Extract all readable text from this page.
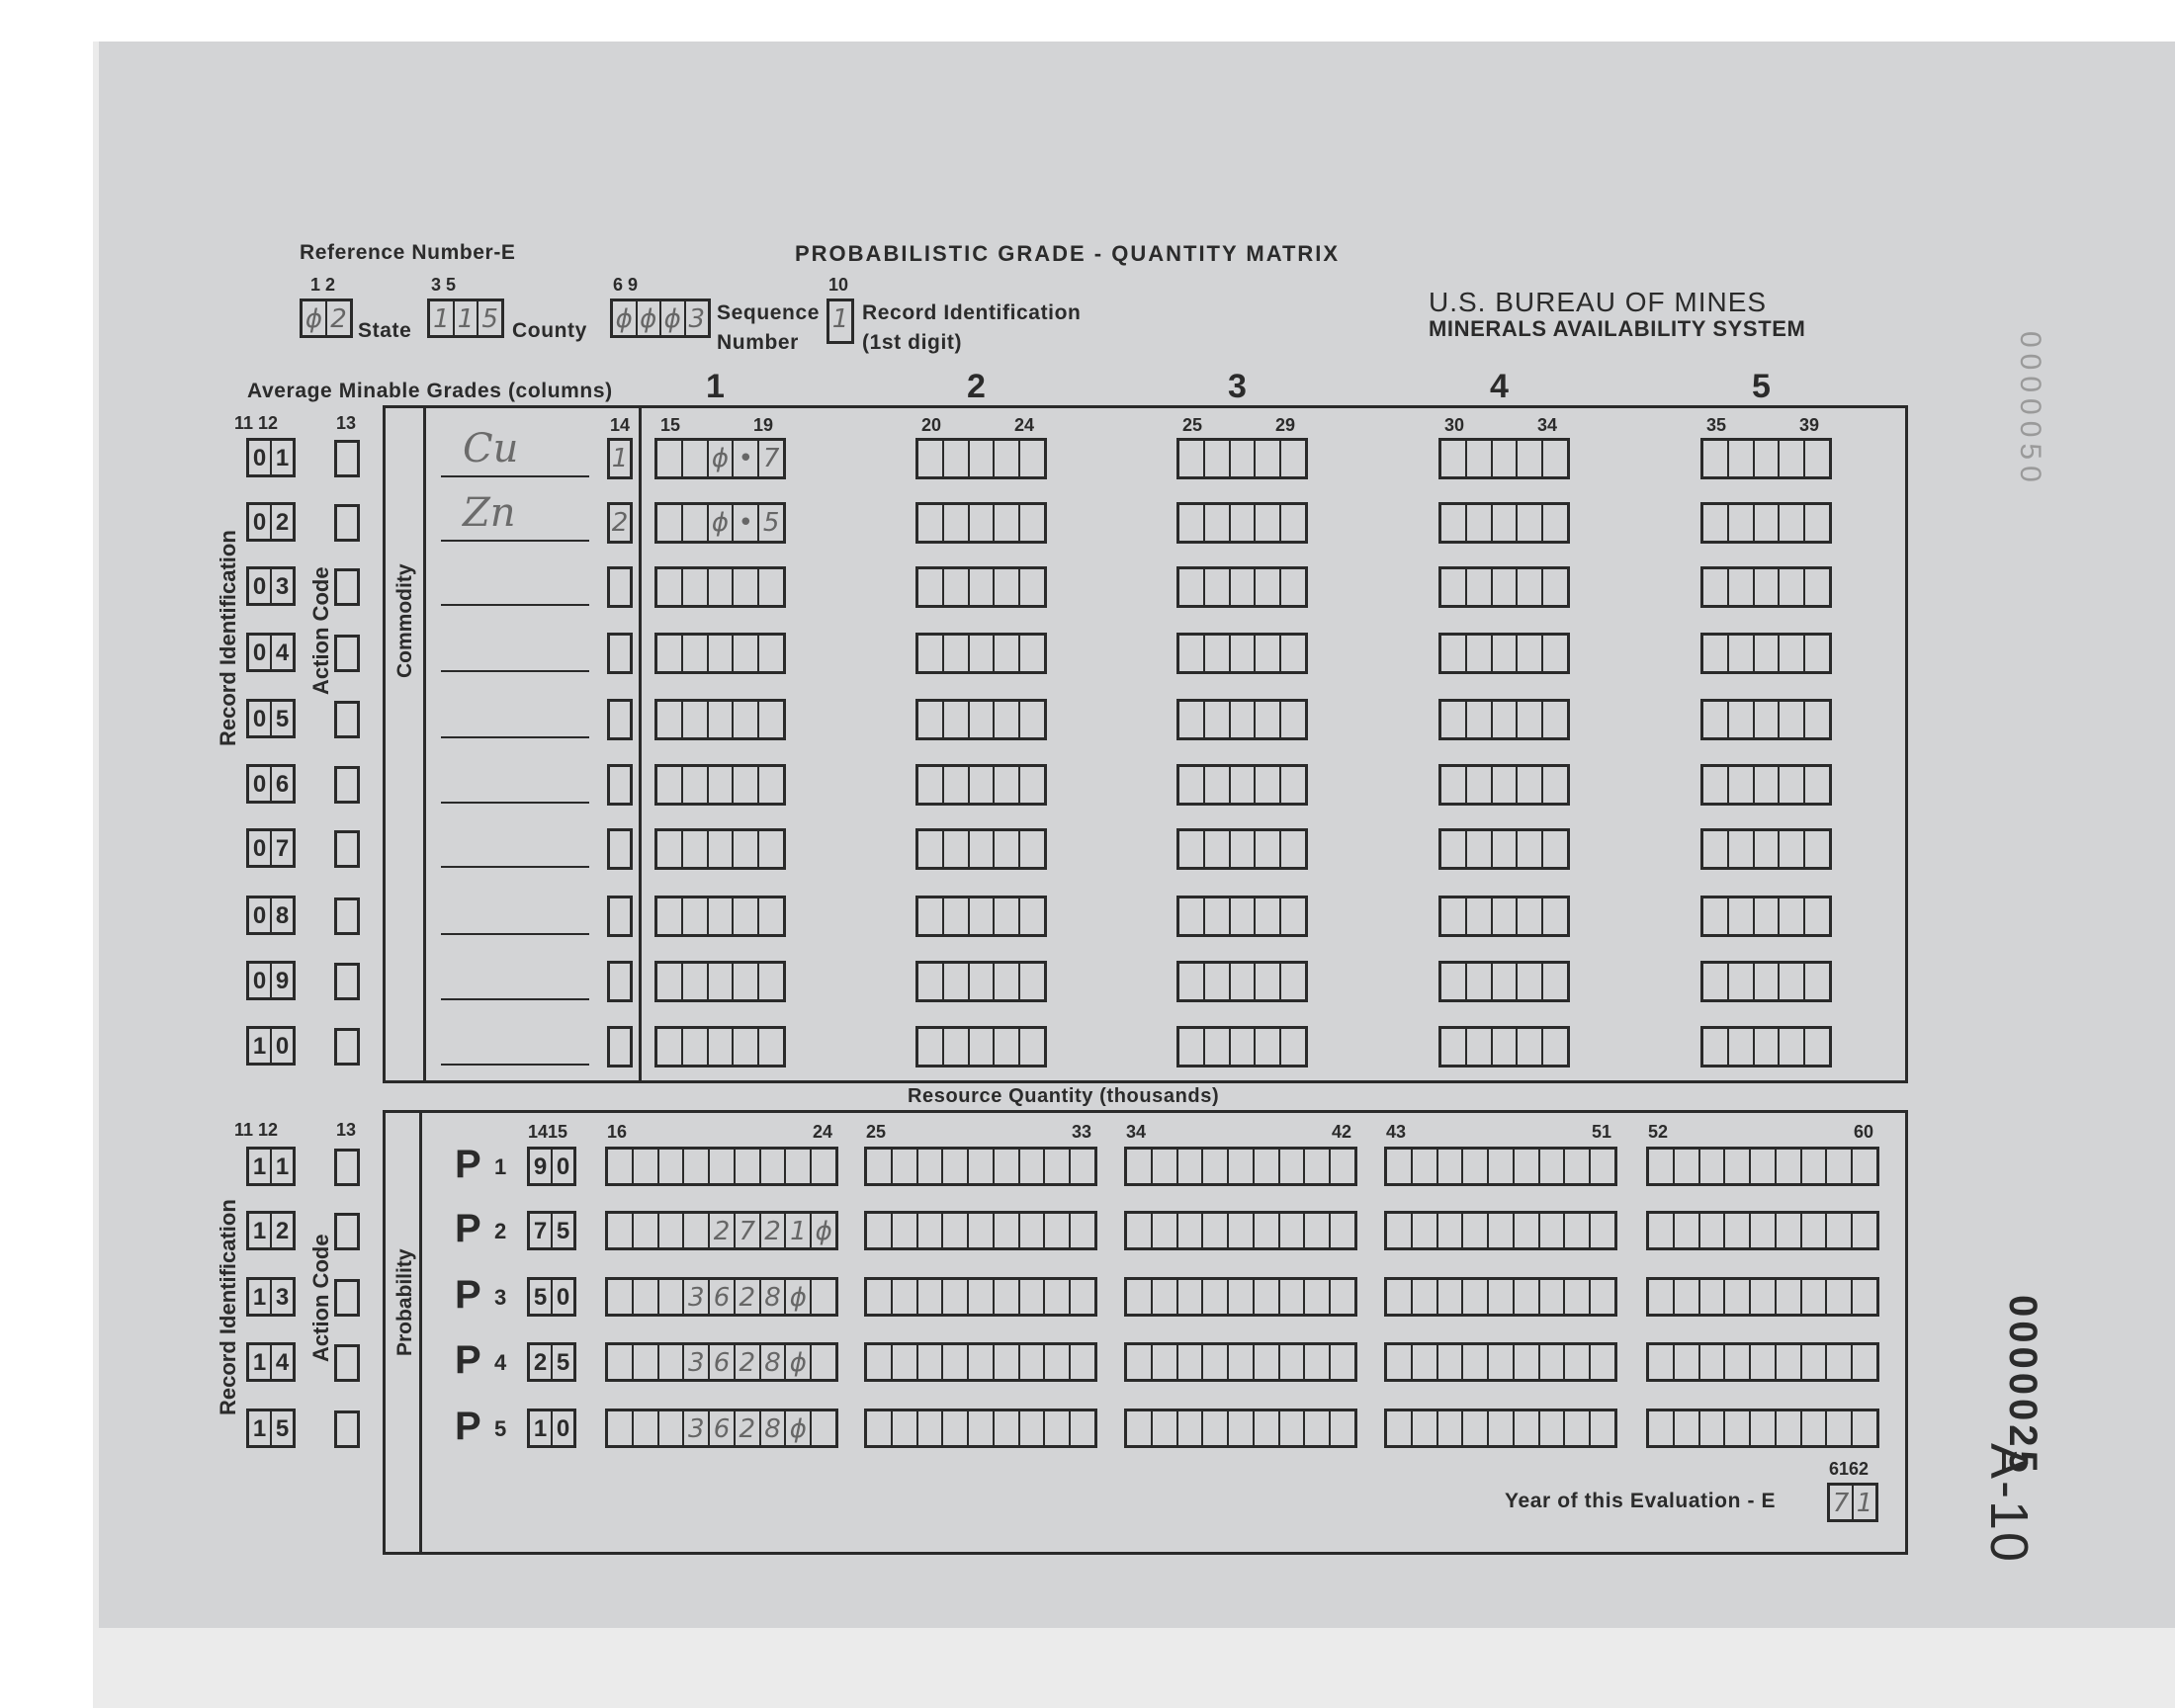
Reference Number-E	PROBABILISTIC GRADE - QUANTITY MATRIX
U.S. BUREAU OF MINES
MINERALS AVAILABILITY SYSTEM
1 2	3 5	6 9	10
ϕ 2 State 1 1 5 County ϕ ϕ ϕ 3 Sequence
Number
1 Record Identification
(1st digit)
Average Minable Grades (columns)	1
15	19
2
20	24
3
25	29
4
30	34
5
35	39
Commodity
11 12	13	14
Record Identification	Action Code
0 1	Cu	1	ϕ • 7
0 2	Zn	2	ϕ • 5
0 3
0 4
0 5
0 6
0 7
0 8
0 9
1 0
Resource Quantity (thousands)
Probability
11 12	13	1415
Record Identification	Action Code
16	24 25	33 34	42 43	51 52	60
1 1	P 1 9 0
1 2	P 2 7 5	2 7 2 1 ϕ
1 3	P 3 5 0	3 6 2 8 ϕ
1 4	P 4 2 5	3 6 2 8 ϕ
1 5	P 5 1 0	3 6 2 8 ϕ
6162
Year of this Evaluation - E 7 1
0000025
A-10
